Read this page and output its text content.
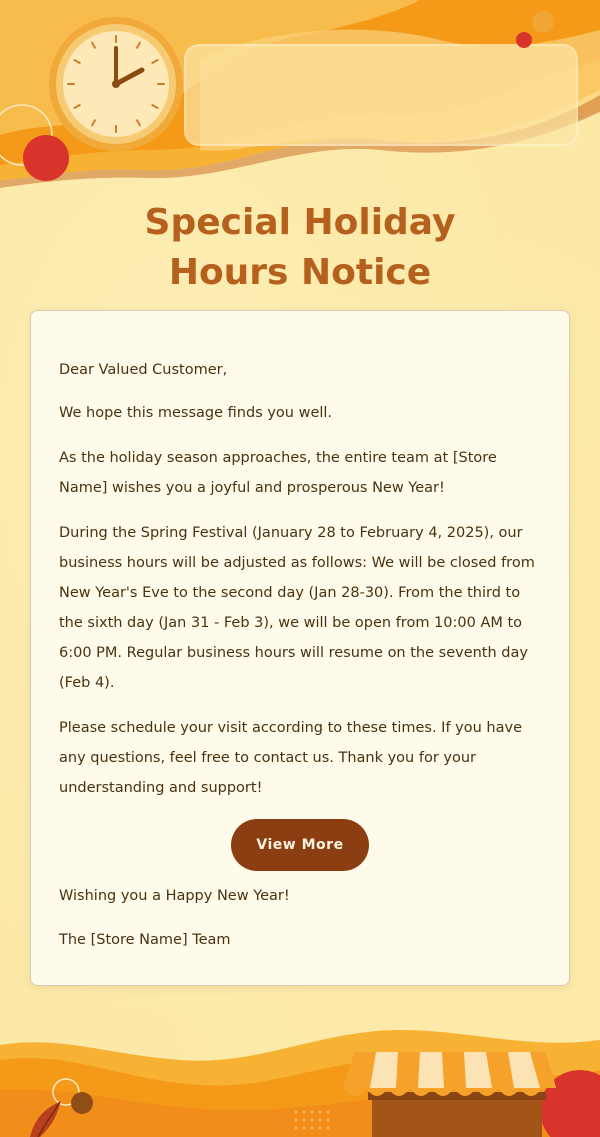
Special Holiday Hours Notice

Dear Valued Customer,

We hope this message finds you well.

As the holiday season approaches, the entire team at [Store Name] wishes you a joyful and prosperous New Year!

During the Spring Festival (January 28 to February 4, 2025), our business hours will be adjusted as follows: We will be closed from New Year's Eve to the second day (Jan 28-30). From the third to the sixth day (Jan 31 - Feb 3), we will be open from 10:00 AM to 6:00 PM. Regular business hours will resume on the seventh day (Feb 4).

Please schedule your visit according to these times. If you have any questions, feel free to contact us. Thank you for your understanding and support!

View More

Wishing you a Happy New Year!

The [Store Name] Team
